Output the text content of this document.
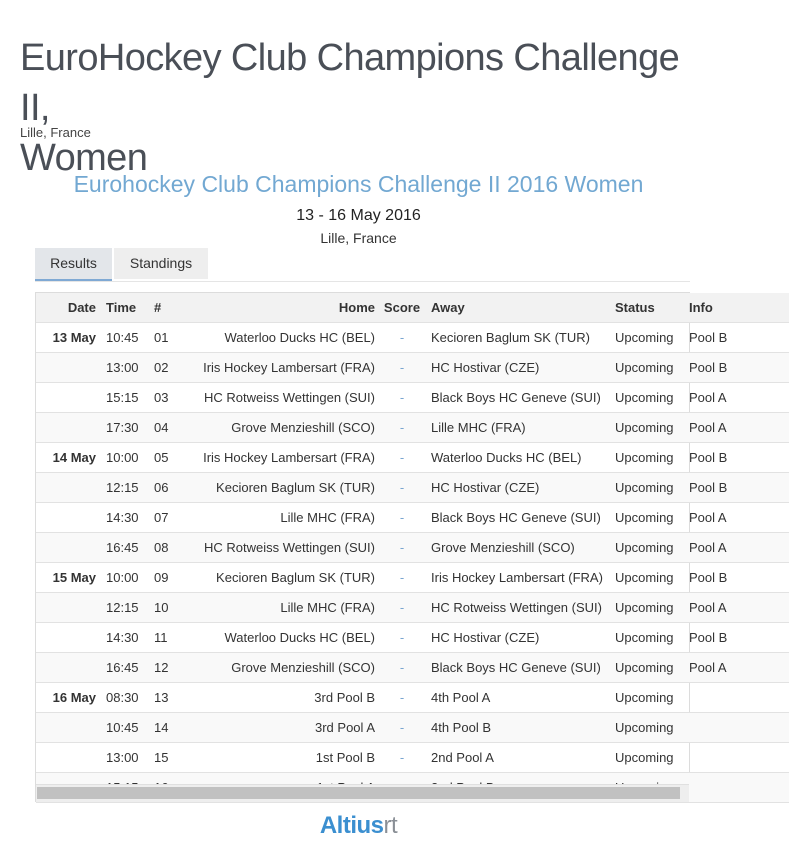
EuroHockey Club Champions Challenge II,
Women
Lille, France
Eurohockey Club Champions Challenge II 2016 Women
13 - 16 May 2016
Lille, France
Results	Standings
Date	Time	#	Home	Score	Away	Status	Info
13 May	10:45	01	Waterloo Ducks HC (BEL)	-	Kecioren Baglum SK (TUR)	Upcoming	Pool B
	13:00	02	Iris Hockey Lambersart (FRA)	-	HC Hostivar (CZE)	Upcoming	Pool B
	15:15	03	HC Rotweiss Wettingen (SUI)	-	Black Boys HC Geneve (SUI)	Upcoming	Pool A
	17:30	04	Grove Menzieshill (SCO)	-	Lille MHC (FRA)	Upcoming	Pool A
14 May	10:00	05	Iris Hockey Lambersart (FRA)	-	Waterloo Ducks HC (BEL)	Upcoming	Pool B
	12:15	06	Kecioren Baglum SK (TUR)	-	HC Hostivar (CZE)	Upcoming	Pool B
	14:30	07	Lille MHC (FRA)	-	Black Boys HC Geneve (SUI)	Upcoming	Pool A
	16:45	08	HC Rotweiss Wettingen (SUI)	-	Grove Menzieshill (SCO)	Upcoming	Pool A
15 May	10:00	09	Kecioren Baglum SK (TUR)	-	Iris Hockey Lambersart (FRA)	Upcoming	Pool B
	12:15	10	Lille MHC (FRA)	-	HC Rotweiss Wettingen (SUI)	Upcoming	Pool A
	14:30	11	Waterloo Ducks HC (BEL)	-	HC Hostivar (CZE)	Upcoming	Pool B
	16:45	12	Grove Menzieshill (SCO)	-	Black Boys HC Geneve (SUI)	Upcoming	Pool A
16 May	08:30	13	3rd Pool B	-	4th Pool A	Upcoming	
	10:45	14	3rd Pool A	-	4th Pool B	Upcoming	
	13:00	15	1st Pool B	-	2nd Pool A	Upcoming	

Altiusrt
